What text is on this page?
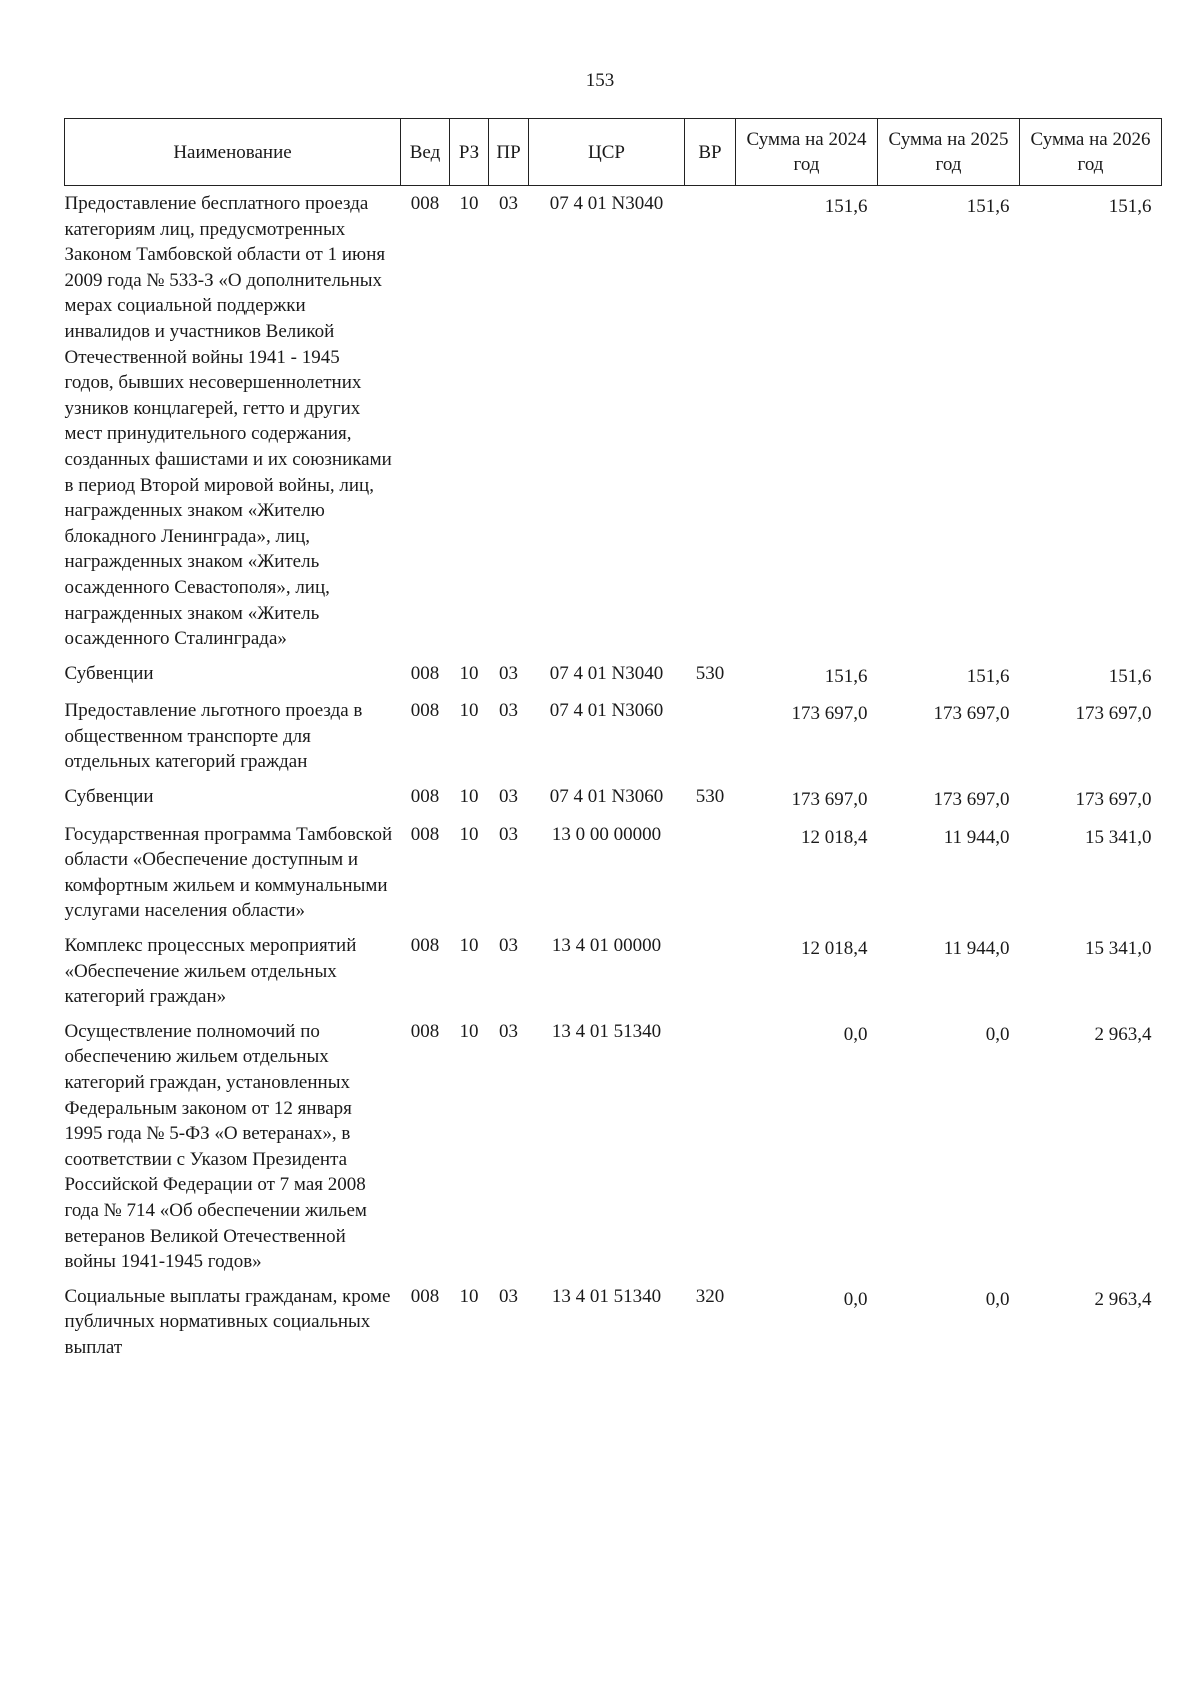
153
Наименование	Вед	РЗ	ПР	ЦСР	ВР	Сумма на 2024 год	Сумма на 2025 год	Сумма на 2026 год
Предоставление бесплатного проезда категориям лиц, предусмотренных Законом Тамбовской области от 1 июня 2009 года № 533-З «О дополнительных мерах социальной поддержки инвалидов и участников Великой Отечественной войны 1941 - 1945 годов, бывших несовершеннолетних узников концлагерей, гетто и других мест принудительного содержания, созданных фашистами и их союзниками в период Второй мировой войны, лиц, награжденных знаком «Жителю блокадного Ленинграда», лиц, награжденных знаком «Житель осажденного Севастополя», лиц, награжденных знаком «Житель осажденного Сталинграда»	008	10	03	07 4 01 N3040		151,6	151,6	151,6
Субвенции	008	10	03	07 4 01 N3040	530	151,6	151,6	151,6
Предоставление льготного проезда в общественном транспорте для отдельных категорий граждан	008	10	03	07 4 01 N3060		173 697,0	173 697,0	173 697,0
Субвенции	008	10	03	07 4 01 N3060	530	173 697,0	173 697,0	173 697,0
Государственная программа Тамбовской области «Обеспечение доступным и комфортным жильем и коммунальными услугами населения области»	008	10	03	13 0 00 00000		12 018,4	11 944,0	15 341,0
Комплекс процессных мероприятий «Обеспечение жильем отдельных категорий граждан»	008	10	03	13 4 01 00000		12 018,4	11 944,0	15 341,0
Осуществление полномочий по обеспечению жильем отдельных категорий граждан, установленных Федеральным законом от 12 января 1995 года № 5-ФЗ «О ветеранах», в соответствии с Указом Президента Российской Федерации от 7 мая 2008 года № 714 «Об обеспечении жильем ветеранов Великой Отечественной войны 1941-1945 годов»	008	10	03	13 4 01 51340		0,0	0,0	2 963,4
Социальные выплаты гражданам, кроме публичных нормативных социальных выплат	008	10	03	13 4 01 51340	320	0,0	0,0	2 963,4
